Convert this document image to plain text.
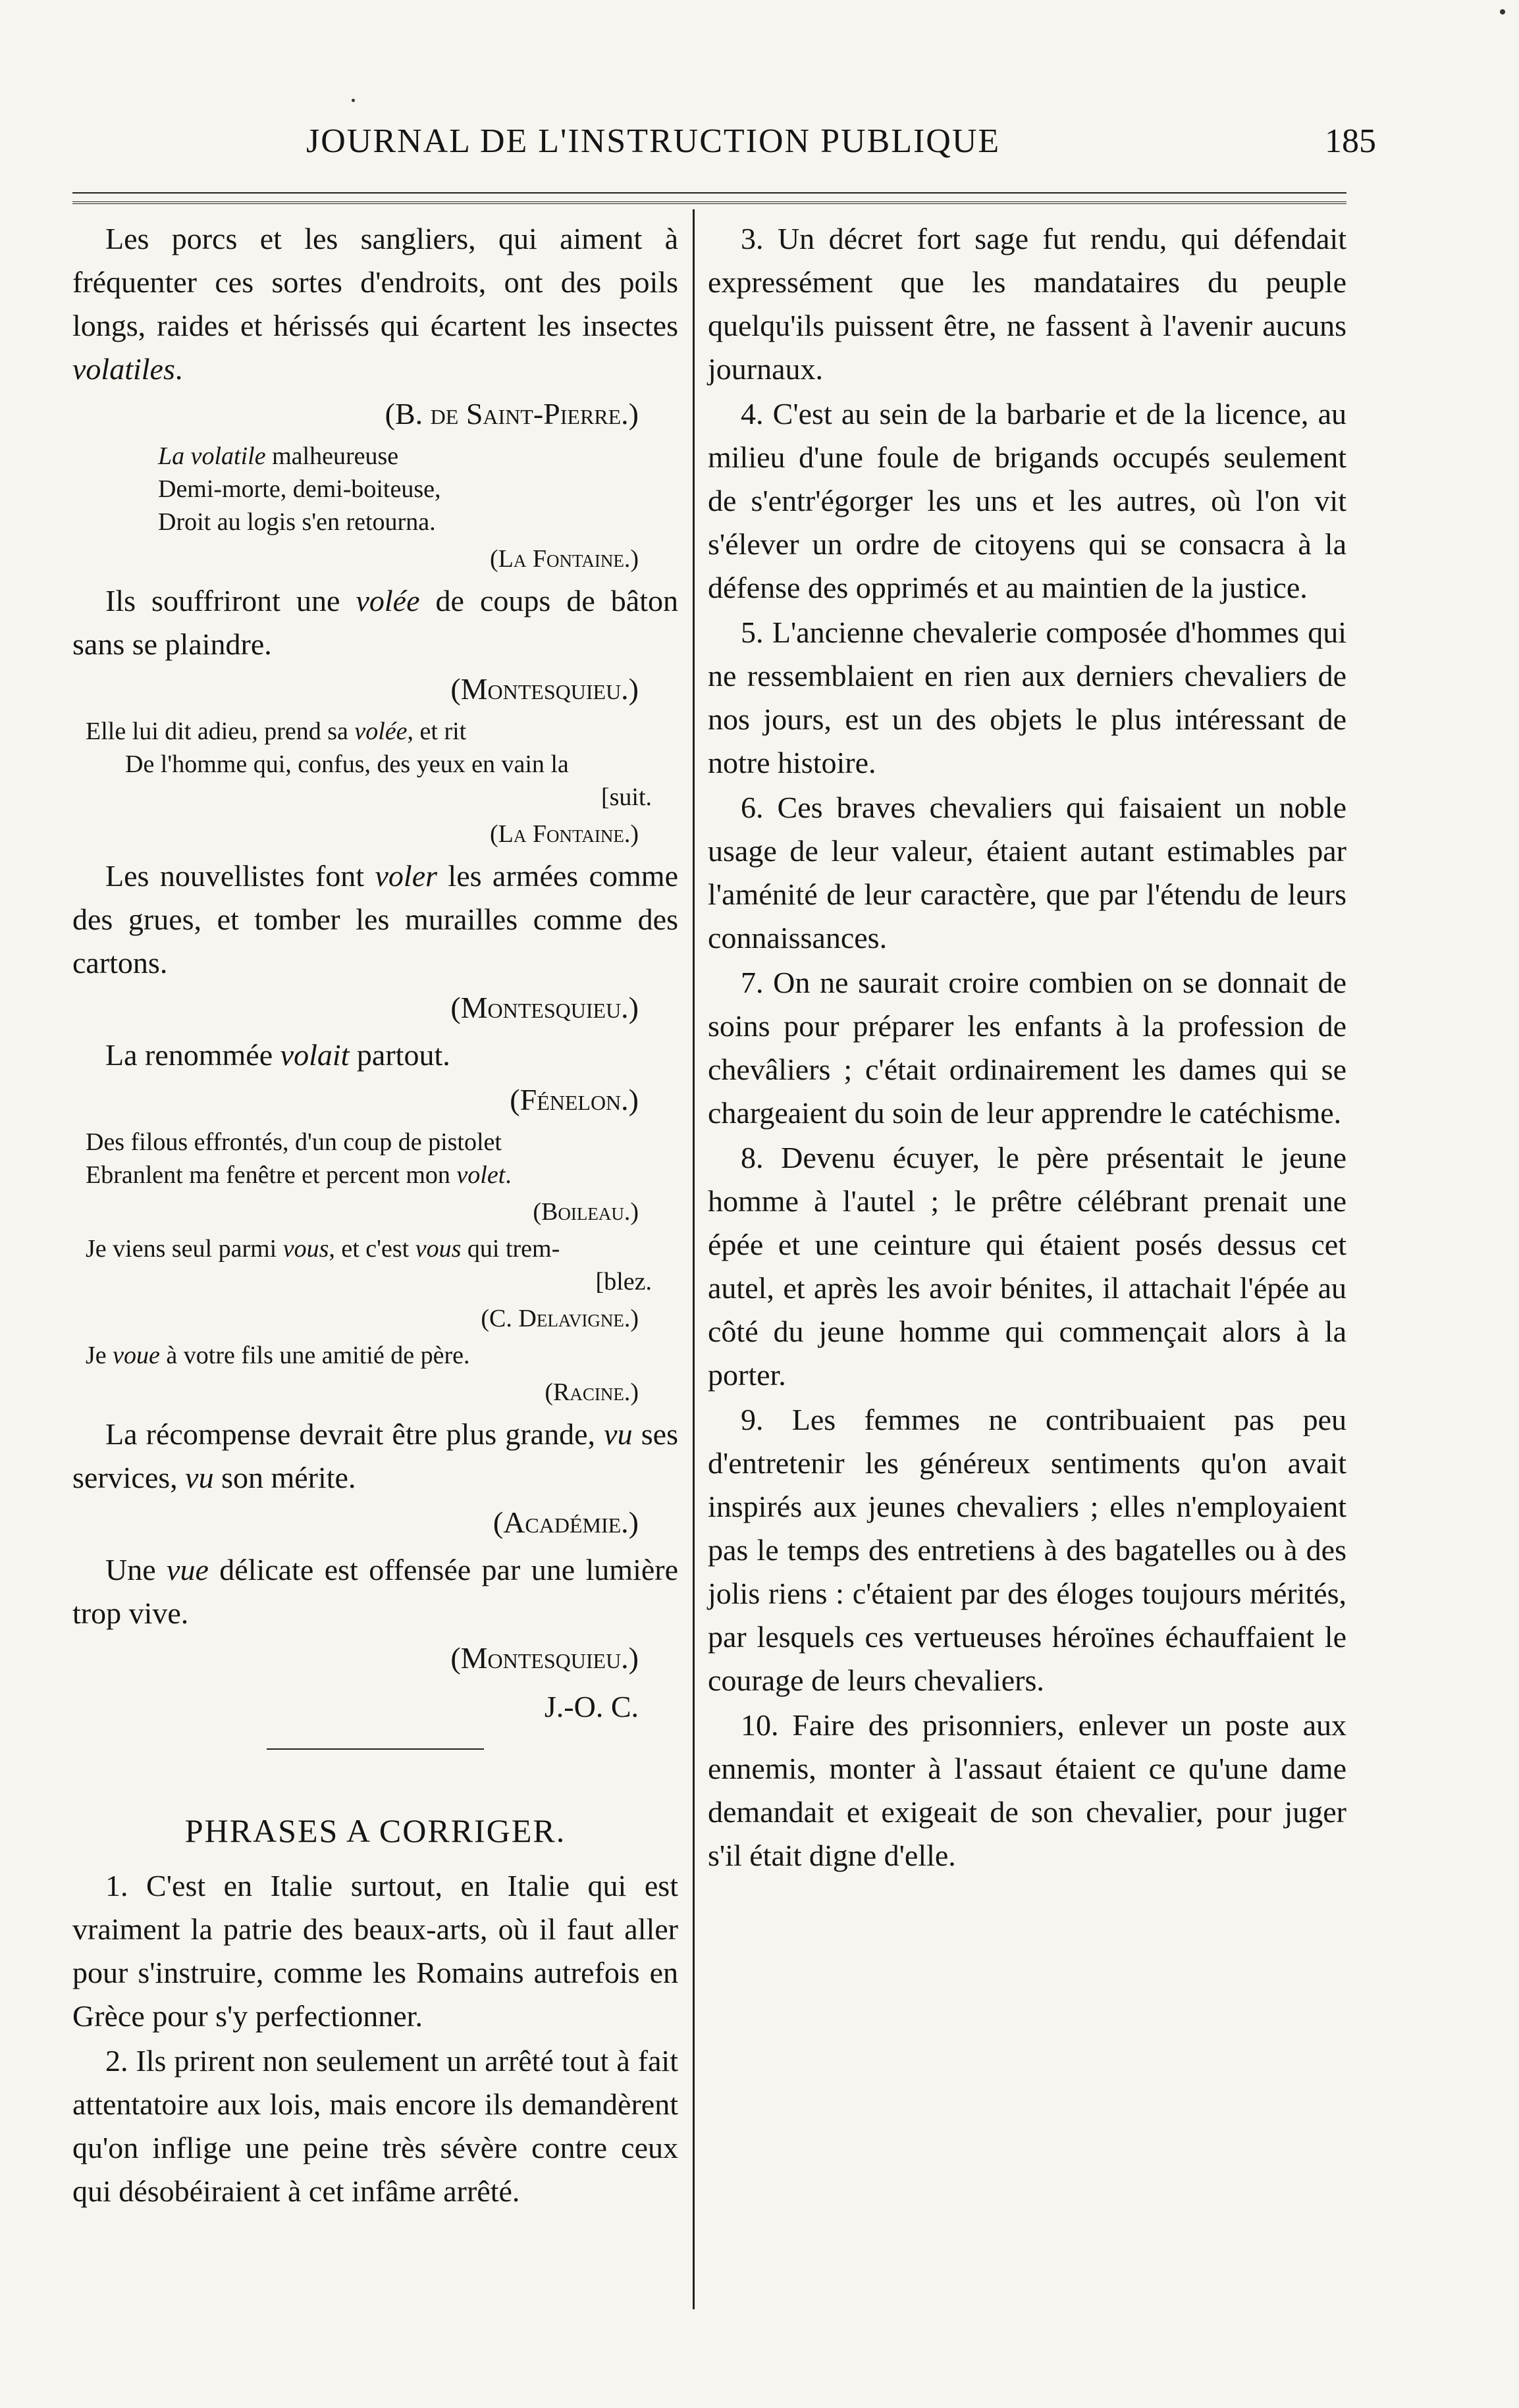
JOURNAL DE L'INSTRUCTION PUBLIQUE	185

Les porcs et les sangliers, qui aiment à fréquenter ces sortes d'endroits, ont des poils longs, raides et hérissés qui écartent les insectes volatiles.

(B. de Saint-Pierre.)
La volatile malheureuse
Demi-morte, demi-boiteuse,
Droit au logis s'en retourna.
(La Fontaine.)

Ils souffriront une volée de coups de bâton sans se plaindre.

(Montesquieu.)
Elle lui dit adieu, prend sa volée, et rit
De l'homme qui, confus, des yeux en vain la
[suit.
(La Fontaine.)

Les nouvellistes font voler les armées comme des grues, et tomber les murailles comme des cartons.

(Montesquieu.)

La renommée volait partout.

(Fénelon.)
Des filous effrontés, d'un coup de pistolet
Ebranlent ma fenêtre et percent mon volet.
(Boileau.)
Je viens seul parmi vous, et c'est vous qui trem-
[blez.
(C. Delavigne.)
Je voue à votre fils une amitié de père.
(Racine.)

La récompense devrait être plus grande, vu ses services, vu son mérite.

(Académie.)

Une vue délicate est offensée par une lumière trop vive.

(Montesquieu.)
J.-O. C.
PHRASES A CORRIGER.

1. C'est en Italie surtout, en Italie qui est vraiment la patrie des beaux-arts, où il faut aller pour s'instruire, comme les Romains autrefois en Grèce pour s'y perfectionner.

2. Ils prirent non seulement un arrêté tout à fait attentatoire aux lois, mais encore ils demandèrent qu'on inflige une peine très sévère contre ceux qui désobéiraient à cet infâme arrêté.

3. Un décret fort sage fut rendu, qui défendait expressément que les mandataires du peuple quelqu'ils puissent être, ne fassent à l'avenir aucuns journaux.

4. C'est au sein de la barbarie et de la licence, au milieu d'une foule de brigands occupés seulement de s'entr'égorger les uns et les autres, où l'on vit s'élever un ordre de citoyens qui se consacra à la défense des opprimés et au maintien de la justice.

5. L'ancienne chevalerie composée d'hommes qui ne ressemblaient en rien aux derniers chevaliers de nos jours, est un des objets le plus intéressant de notre histoire.

6. Ces braves chevaliers qui faisaient un noble usage de leur valeur, étaient autant estimables par l'aménité de leur caractère, que par l'étendu de leurs connaissances.

7. On ne saurait croire combien on se donnait de soins pour préparer les enfants à la profession de chevâliers ; c'était ordinairement les dames qui se chargeaient du soin de leur apprendre le catéchisme.

8. Devenu écuyer, le père présentait le jeune homme à l'autel ; le prêtre célébrant prenait une épée et une ceinture qui étaient posés dessus cet autel, et après les avoir bénites, il attachait l'épée au côté du jeune homme qui commençait alors à la porter.

9. Les femmes ne contribuaient pas peu d'entretenir les généreux sentiments qu'on avait inspirés aux jeunes chevaliers ; elles n'employaient pas le temps des entretiens à des bagatelles ou à des jolis riens : c'étaient par des éloges toujours mérités, par lesquels ces vertueuses héroïnes échauffaient le courage de leurs chevaliers.

10. Faire des prisonniers, enlever un poste aux ennemis, monter à l'assaut étaient ce qu'une dame demandait et exigeait de son chevalier, pour juger s'il était digne d'elle.
